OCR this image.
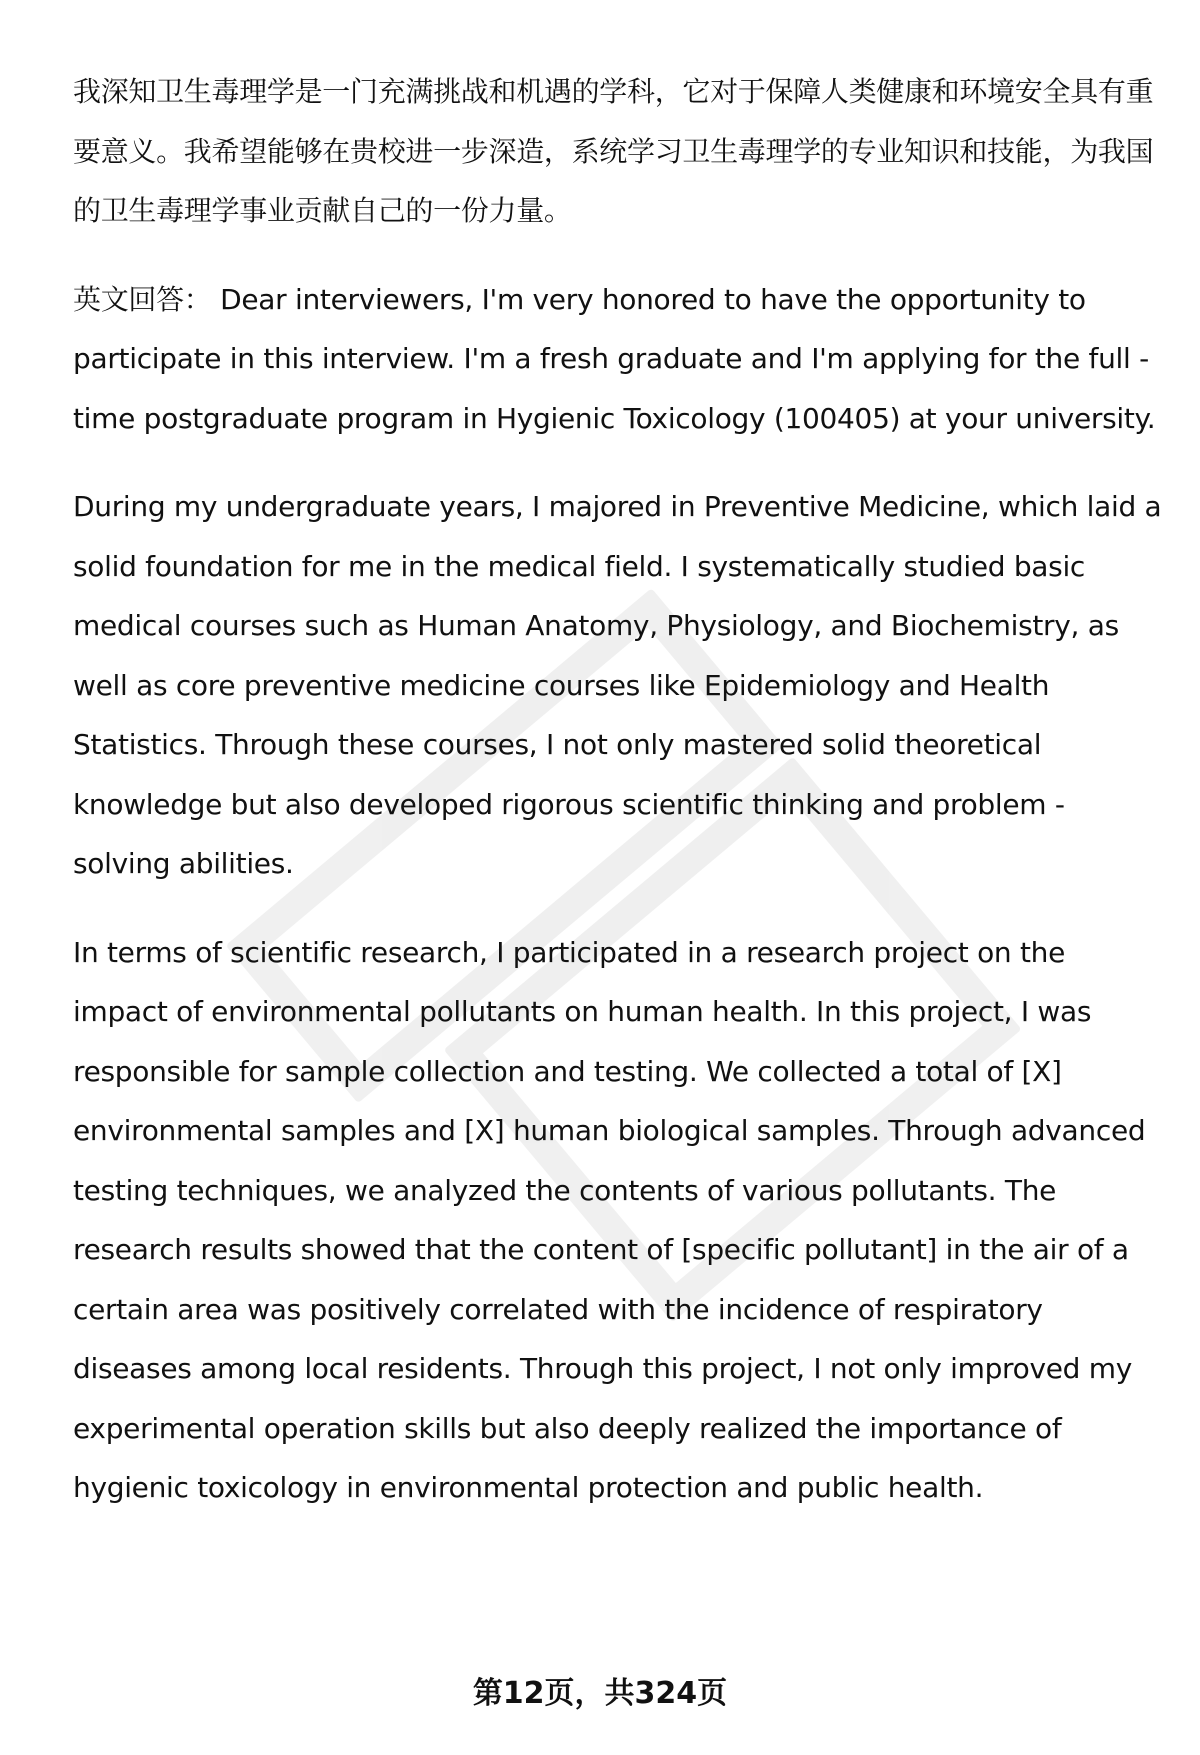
我深知卫生毒理学是一门充满挑战和机遇的学科，它对于保障人类健康和环境安全具有重要意义。我希望能够在贵校进一步深造，系统学习卫生毒理学的专业知识和技能，为我国的卫生毒理学事业贡献自己的一份力量。

英文回答： Dear interviewers, I'm very honored to have the opportunity to participate in this interview. I'm a fresh graduate and I'm applying for the full - time postgraduate program in Hygienic Toxicology (100405) at your university.

During my undergraduate years, I majored in Preventive Medicine, which laid a solid foundation for me in the medical field. I systematically studied basic medical courses such as Human Anatomy, Physiology, and Biochemistry, as well as core preventive medicine courses like Epidemiology and Health Statistics. Through these courses, I not only mastered solid theoretical knowledge but also developed rigorous scientific thinking and problem - solving abilities.

In terms of scientific research, I participated in a research project on the impact of environmental pollutants on human health. In this project, I was responsible for sample collection and testing. We collected a total of [X] environmental samples and [X] human biological samples. Through advanced testing techniques, we analyzed the contents of various pollutants. The research results showed that the content of [specific pollutant] in the air of a certain area was positively correlated with the incidence of respiratory diseases among local residents. Through this project, I not only improved my experimental operation skills but also deeply realized the importance of hygienic toxicology in environmental protection and public health.

第12页，共324页
